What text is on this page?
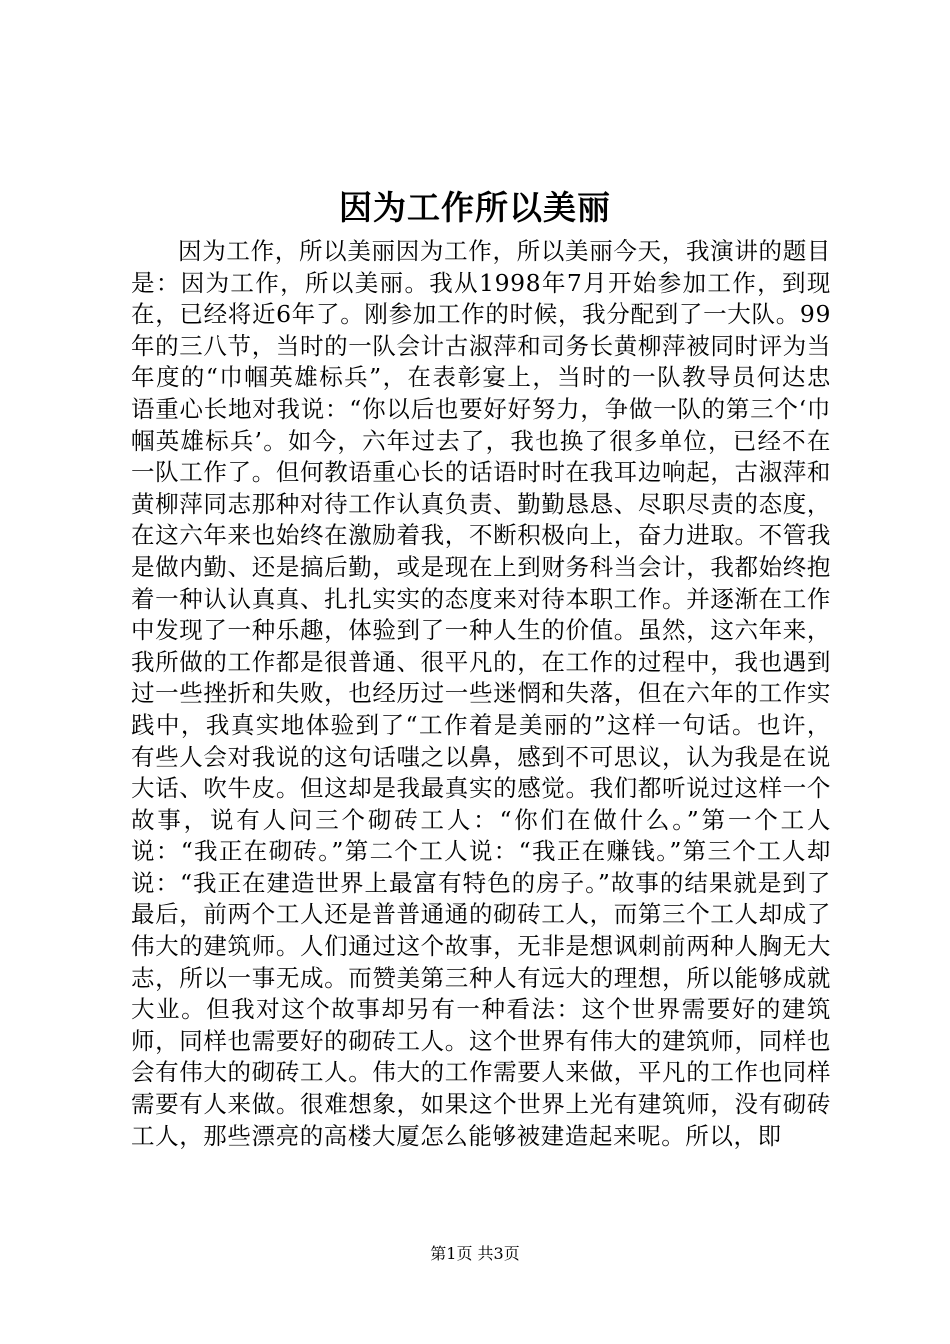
因为工作所以美丽

因为工作，所以美丽因为工作，所以美丽今天，我演讲的题目是：因为工作，所以美丽。我从1998年7月开始参加工作，到现在，已经将近6年了。刚参加工作的时候，我分配到了一大队。99年的三八节，当时的一队会计古淑萍和司务长黄柳萍被同时评为当年度的“巾帼英雄标兵”，在表彰宴上，当时的一队教导员何达忠语重心长地对我说：“你以后也要好好努力，争做一队的第三个‘巾帼英雄标兵’。如今，六年过去了，我也换了很多单位，已经不在一队工作了。但何教语重心长的话语时时在我耳边响起，古淑萍和黄柳萍同志那种对待工作认真负责、勤勤恳恳、尽职尽责的态度，在这六年来也始终在激励着我，不断积极向上，奋力进取。不管我是做内勤、还是搞后勤，或是现在上到财务科当会计，我都始终抱着一种认认真真、扎扎实实的态度来对待本职工作。并逐渐在工作中发现了一种乐趣，体验到了一种人生的价值。虽然，这六年来，我所做的工作都是很普通、很平凡的，在工作的过程中，我也遇到过一些挫折和失败，也经历过一些迷惘和失落，但在六年的工作实践中，我真实地体验到了“工作着是美丽的”这样一句话。也许，有些人会对我说的这句话嗤之以鼻，感到不可思议，认为我是在说大话、吹牛皮。但这却是我最真实的感觉。我们都听说过这样一个故事，说有人问三个砌砖工人：“你们在做什么。”第一个工人说：“我正在砌砖。”第二个工人说：“我正在赚钱。”第三个工人却说：“我正在建造世界上最富有特色的房子。”故事的结果就是到了最后，前两个工人还是普普通通的砌砖工人，而第三个工人却成了伟大的建筑师。人们通过这个故事，无非是想讽刺前两种人胸无大志，所以一事无成。而赞美第三种人有远大的理想，所以能够成就大业。但我对这个故事却另有一种看法：这个世界需要好的建筑师，同样也需要好的砌砖工人。这个世界有伟大的建筑师，同样也会有伟大的砌砖工人。伟大的工作需要人来做，平凡的工作也同样需要有人来做。很难想象，如果这个世界上光有建筑师，没有砌砖工人，那些漂亮的高楼大厦怎么能够被建造起来呢。所以，即

第1页 共3页
